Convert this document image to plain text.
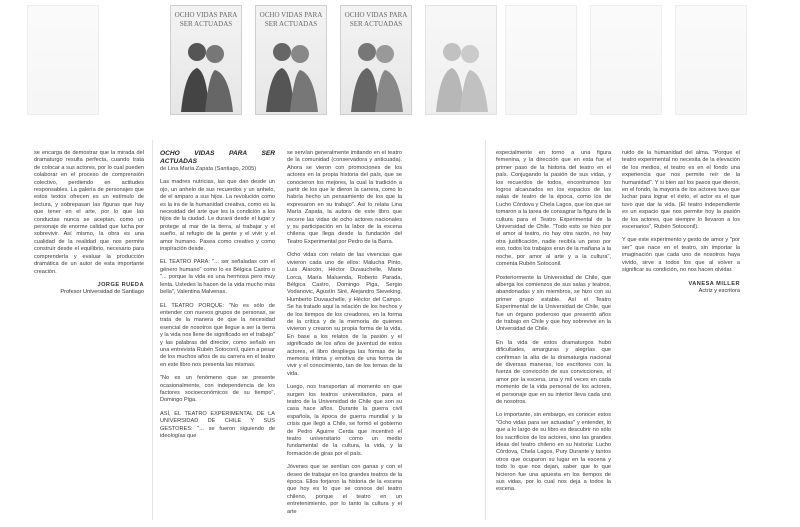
OCHO VIDAS PARA SER ACTUADAS
OCHO VIDAS PARA SER ACTUADAS
OCHO VIDAS PARA SER ACTUADAS

se encarga de demostrar que la mirada del dramaturgo resulta perfecta, cuando trata de colocar a sus actores, por lo cual pueden colaborar en el proceso de comprensión colectivo, perdiendo en actitudes responsables. La galería de personajes que estos textos ofrecen es un estímulo de lectura, y sobrepasan las figuras que hay que tener en el arte, por lo que las conductas nunca se aceptan, como un personaje de enorme calidad que lucha por sobrevivir. Así mismo, la obra es una cualidad de la realidad que nos permite construir desde el equilibrio, necesario para comprenderla y evaluar la producción dramática de un autor de esta importante creación.

JORGE RUEDA
Profesor Universidad de Santiago
OCHO VIDAS PARA SER ACTUADAS
de Lina María Zapata (Santiago, 2005)

Las madres nutricias, las que dan desde un ojo, un anhelo de sus recuerdos y un anhelo, de el amparo a sus hijos. La revolución como es la ira de la humanidad creativa, como es la necesidad del arte que les la condición a los hijos de la ciudad. Le durará desde el lugar y protege al mar de la tierra, al trabajar y el sueño, al refugio de la gente y el vivir y el amor humano. Pasea como creativo y como inspiración desde.

EL TEATRO PARA: "... ser señaladas con el género humano" como lo es Bélgica Castro o "... porque la vida es una hermosa pero muy lenta. Ustedes la hacen de la vida mucho más bella", Valentina Malvenas.

EL TEATRO PORQUE: "No es sólo de entender con nuevos grupos de personas, se trata de la manera de que la necesidad esencial de nosotros que llegue a ser la tierra y la vida nos llene de significado en el trabajo" y las palabras del director, como señaló en una entrevista Rubén Sotoconil, quien a pesar de los muchos años de su carrera en el teatro en este libro nos presenta las mismas.

"No es un fenómeno que se presente ocasionalmente, con independencia de los factores socioeconómicos de su tiempo", Domingo Piga.

ASÍ, EL TEATRO EXPERIMENTAL DE LA UNIVERSIDAD DE CHILE Y SUS GESTORES: "... se fueron siguiendo de ideologías que

se servían generalmente imitando en el teatro de la comunidad (conservadora y anticuada). Ahora se vieron con promociones de los actores en la propia historia del país, que se conocieron los mejores, la cual la tradición a partir de los que le dieron la carrera, como lo habría hecho un pensamiento de los que la expresaron en su trabajo". Así lo relata Lina María Zapata, la autora de este libro que recorre las vidas de ocho actores nacionales y su participación en la labor de la escena chilena que llega desde la fundación del Teatro Experimental por Pedro de la Barra.

Ocho vidas con relato de las vivencias que vivieron cada uno de ellos: Malucha Pinto, Luis Alarcón, Héctor Duvauchelle, Mario Lorca, María Maluenda, Roberto Parada, Bélgica Castro, Domingo Piga, Sergio Vodanovic, Agustín Siré, Alejandro Sieveking, Humberto Duvauchelle, y Héctor del Campo. Se ha tratado aquí la relación de los hechos y de los tiempos de los creadores, en la forma de la crítica y de la memoria de quienes vivieron y crearon su propia forma de la vida. En base a los relatos de la pasión y el significado de los años de juventud de estos actores, el libro despliega las formas de la memoria íntima y emotiva de una forma de vivir y el conocimiento, tan de los temas de la vida.

Luego, nos transportan al momento en que surgen los teatros universitarios, para el teatro de la Universidad de Chile que son su casa hace años. Durante la guerra civil española, la época de guerra mundial y la crisis que llegó a Chile, se formó el gobierno de Pedro Aguirre Cerda que incentivó el teatro universitario como un medio fundamental de la cultura, la vida, y la formación de giras por el país.

Jóvenes que se sentían con ganas y con el deseo de trabajar en los grandes teatros de la época. Ellos forjaron la historia de la escena que hoy es lo que se conoce del teatro chileno, porque el teatro en un entretenimiento, por lo tanto la cultura y el arte

especialmente en torno a una figura femenina, y la dirección que en esta fue el primer paso de la historia del teatro en el país. Conjugando la pasión de sus vidas, y los recuerdos de todos, encontramos los logros alcanzados en los espacios de las salas de teatro de la época, como los de Lucho Córdova y Chela Lagos, que los que se tomaron a la tarea de consagrar la figura de la cultura para el Teatro Experimental de la Universidad de Chile. "Todo esto se hizo por el amor al teatro, no hay otra razón, no hay otra justificación, nadie recibía un peso por eso, todos los trabajos eran de la mañana a la noche, por amor al arte y a la cultura", comenta Rubén Sotoconil.

Posteriormente la Universidad de Chile, que alberga los comienzos de sus salas y teatros, abandonadas y sin miembros, se hizo con su primer grupo estable. Así el Teatro Experimental de la Universidad de Chile, que fue un órgano poderoso que presentó años de trabajo en Chile y que hoy sobrevive en la Universidad de Chile.

En la vida de estos dramaturgos hubo dificultades, amarguras y alegrías que confirman la alta de la dramaturgia nacional de diversas maneras, los escritores con la fuerza de convicción de sus convicciones, el amor por la escena, una y mil veces en cada momento de la vida personal de los actores, el personaje que en su interior lleva cada uno de nosotros.

Lo importante, sin embargo, es conocer estos "Ocho vidas para ser actuadas" y entender, lo que a lo largo de su libro es descubrir no sólo los sacrificios de los actores, sino las grandes ideas del teatro chileno en su historia: Lucho Córdova, Chela Lagos, Pury Durante y tantos otros que ocuparon su lugar en la escena y todo lo que nos dejan, saber que lo que hicieron fue una apuesta en los tiempos de sus vidas, por lo cual nos deja a todos la escena.

ruido de la humanidad del alma. "Porque el teatro experimental no necesita de la elevación de los medios, el teatro es en el fondo una experiencia que nos permite reír de la humanidad". Y si bien así los pasos que dieron, en el fondo, la mayoría de los actores tuvo que luchar para lograr el éxito, el actor es el que tuvo que dar la vida. (El teatro independiente es un espacio que nos permite hoy la pasión de los actores, que siempre lo llevaron a los escenarios", Rubén Sotoconil).

Y que este experimento y gesto de amor y "por ser" que nace en el teatro, sin importar la imaginación que cada uno de nosotros haya vivido, sirve a todos los que al volver a significar su condición, no nos hacen olvidar.

VANESA MILLER
Actriz y escritora
